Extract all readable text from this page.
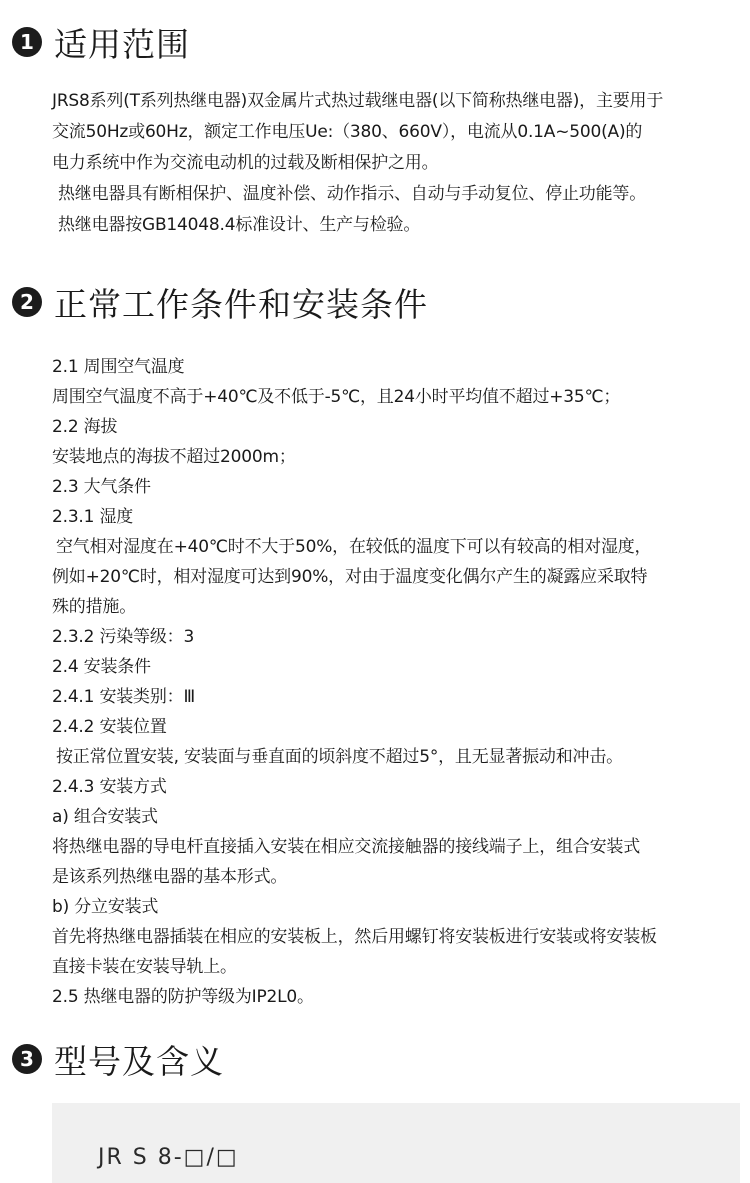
1 适用范围
JRS8系列(T系列热继电器)双金属片式热过载继电器(以下简称热继电器)，主要用于
交流50Hz或60Hz，额定工作电压Ue:（380、660V），电流从0.1A~500(A)的
电力系统中作为交流电动机的过载及断相保护之用。
热继电器具有断相保护、温度补偿、动作指示、自动与手动复位、停止功能等。
热继电器按GB14048.4标准设计、生产与检验。
2 正常工作条件和安装条件
2.1 周围空气温度
周围空气温度不高于+40℃及不低于-5℃，且24小时平均值不超过+35℃；
2.2 海拔
安装地点的海拔不超过2000m；
2.3 大气条件
2.3.1 湿度
空气相对湿度在+40℃时不大于50%，在较低的温度下可以有较高的相对湿度，
例如+20℃时，相对湿度可达到90%，对由于温度变化偶尔产生的凝露应采取特
殊的措施。
2.3.2 污染等级：3
2.4 安装条件
2.4.1 安装类别：Ⅲ
2.4.2 安装位置
按正常位置安装, 安装面与垂直面的顷斜度不超过5°，且无显著振动和冲击。
2.4.3 安装方式
a) 组合安装式
将热继电器的导电杆直接插入安装在相应交流接触器的接线端子上，组合安装式
是该系列热继电器的基本形式。
b) 分立安装式
首先将热继电器插装在相应的安装板上，然后用螺钉将安装板进行安装或将安装板
直接卡装在安装导轨上。
2.5 热继电器的防护等级为IP2L0。
3 型号及含义
JR S 8-□/□
